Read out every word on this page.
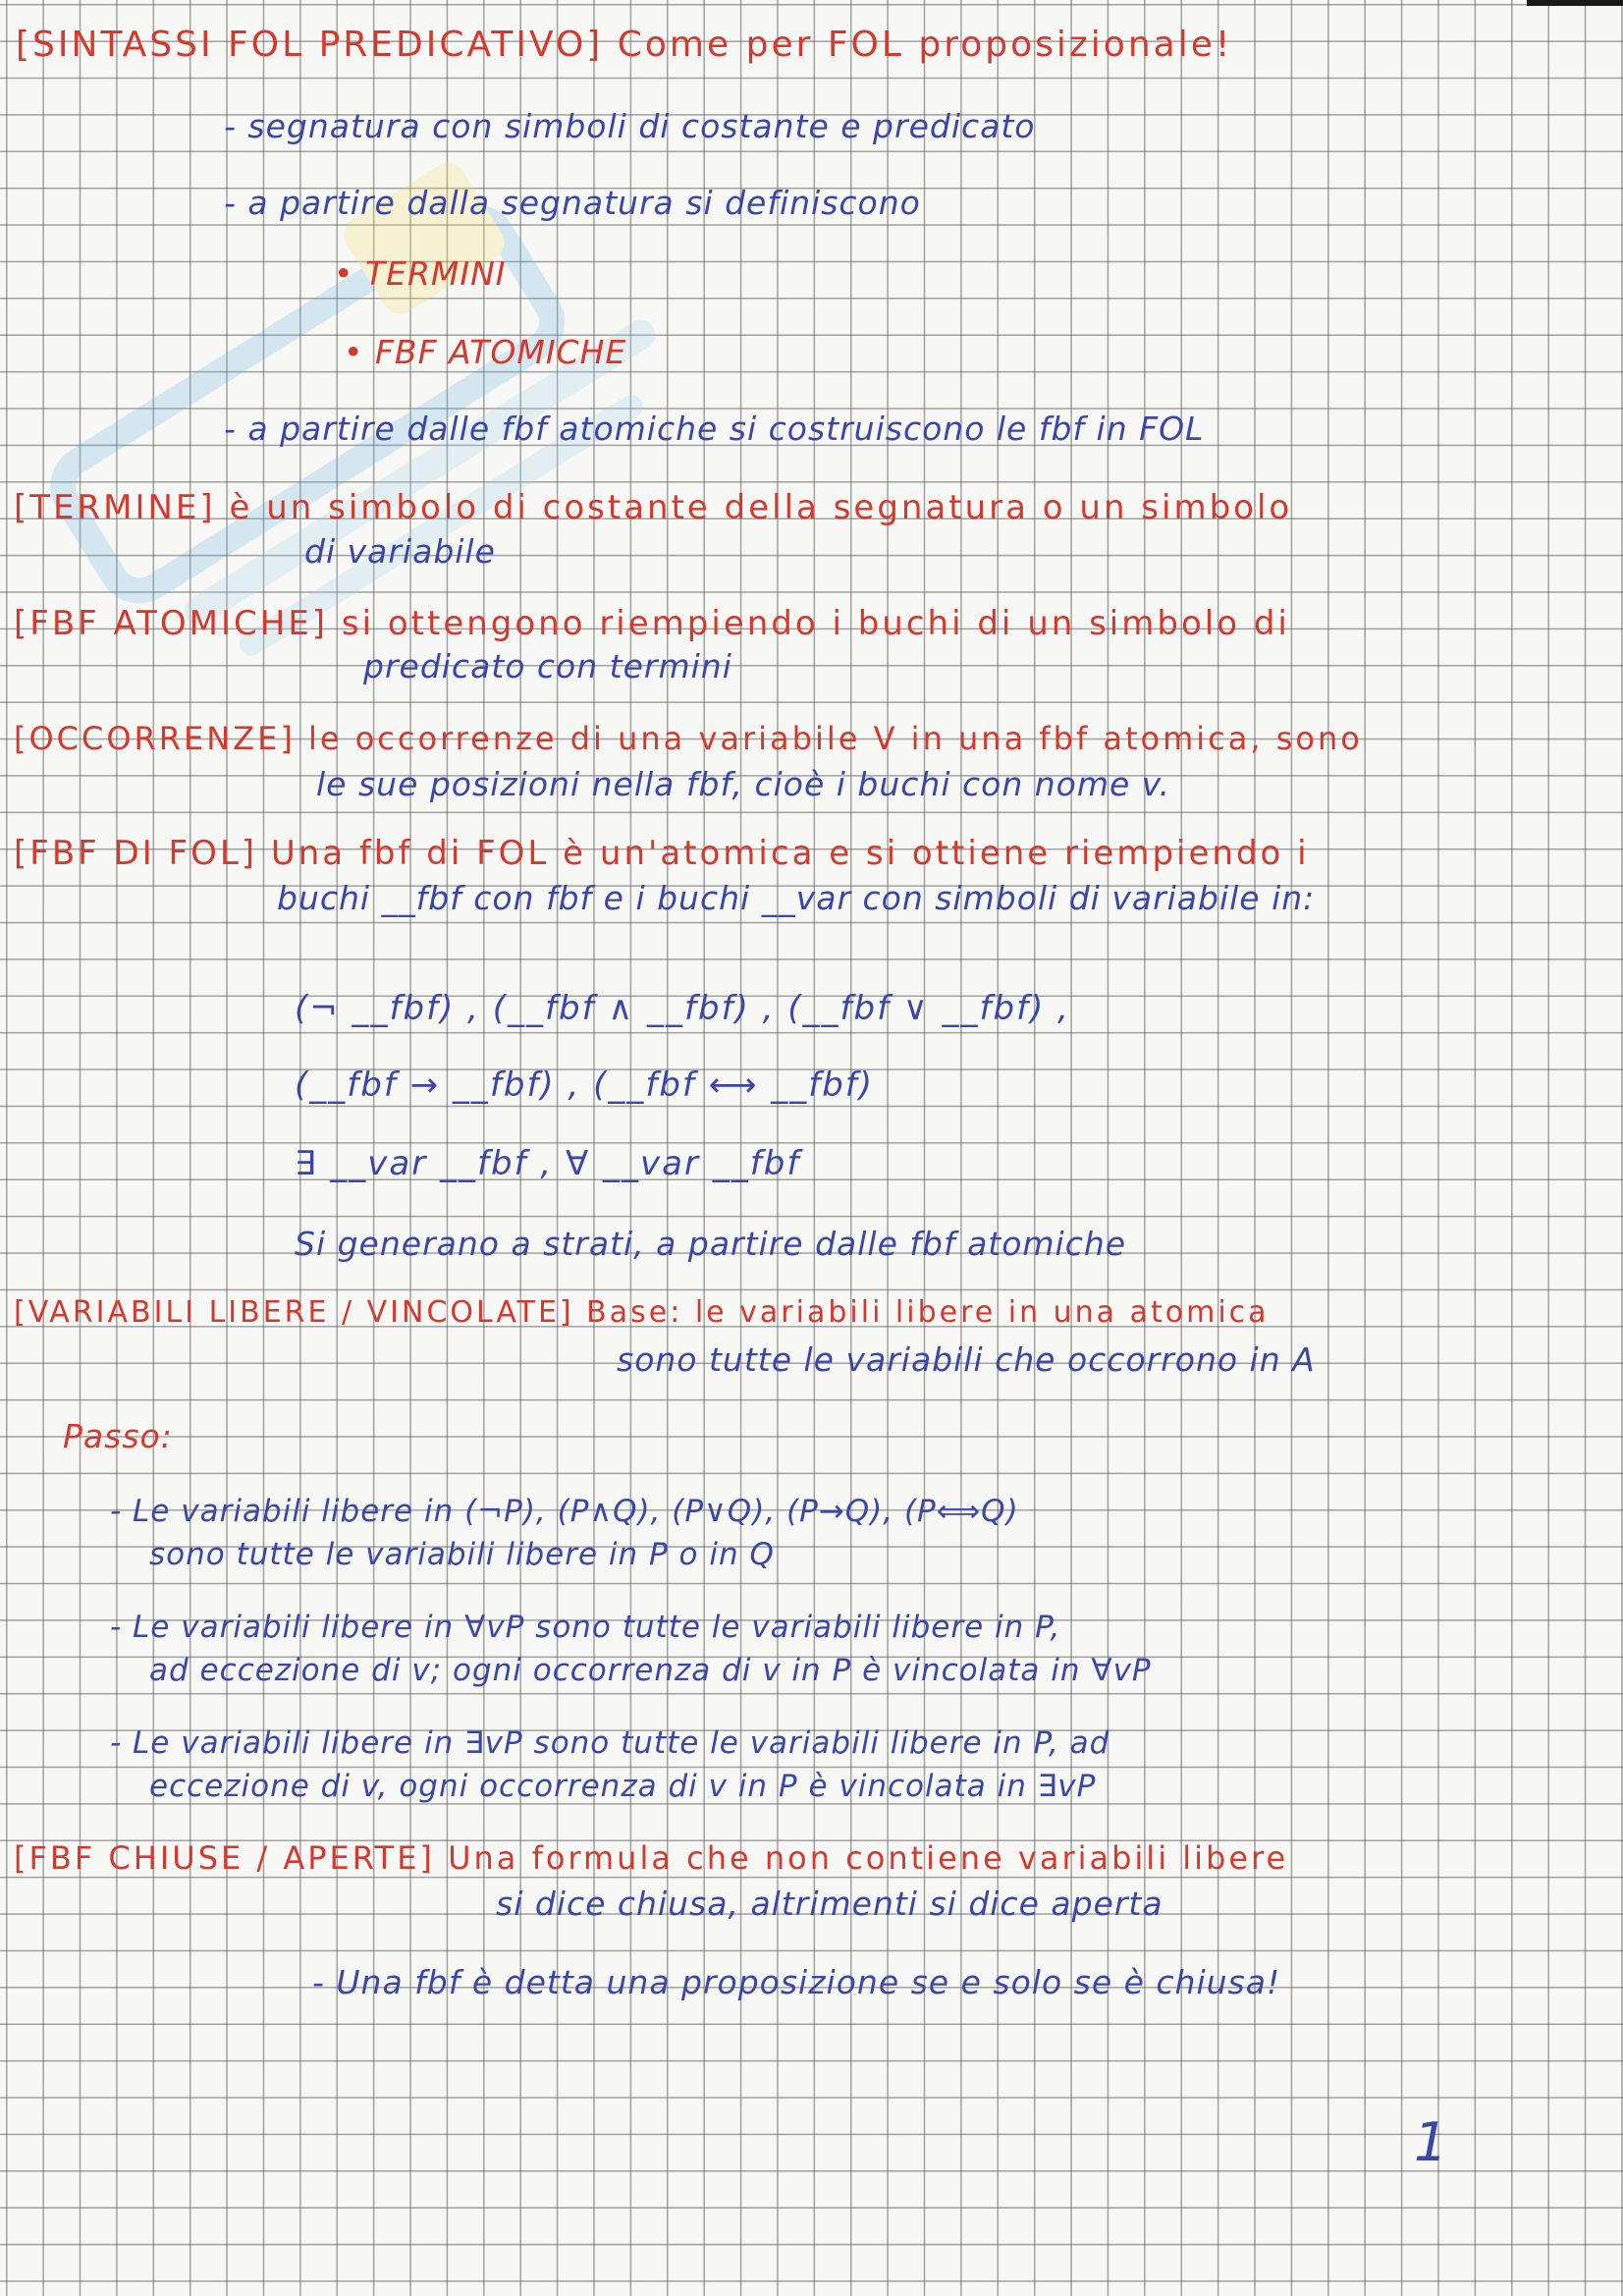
[SINTASSI FOL PREDICATIVO] Come per FOL proposizionale!
- segnatura con simboli di costante e predicato
- a partire dalla segnatura si definiscono
• TERMINI
• FBF ATOMICHE
- a partire dalle fbf atomiche si costruiscono le fbf in FOL
[TERMINE] è un simbolo di costante della segnatura o un simbolo
di variabile
[FBF ATOMICHE] si ottengono riempiendo i buchi di un simbolo di
predicato con termini
[OCCORRENZE] le occorrenze di una variabile V in una fbf atomica, sono
le sue posizioni nella fbf, cioè i buchi con nome v.
[FBF DI FOL] Una fbf di FOL è un'atomica e si ottiene riempiendo i
buchi __fbf con fbf e i buchi __var con simboli di variabile in:
(¬ __fbf) , (__fbf ∧ __fbf) , (__fbf ∨ __fbf) ,
(__fbf → __fbf) , (__fbf ⟷ __fbf)
∃ __var __fbf , ∀ __var __fbf
Si generano a strati, a partire dalle fbf atomiche
[VARIABILI LIBERE / VINCOLATE] Base: le variabili libere in una atomica
sono tutte le variabili che occorrono in A
Passo:
- Le variabili libere in (¬P), (P∧Q), (P∨Q), (P→Q), (P⟺Q)
sono tutte le variabili libere in P o in Q
- Le variabili libere in ∀vP sono tutte le variabili libere in P,
ad eccezione di v; ogni occorrenza di v in P è vincolata in ∀vP
- Le variabili libere in ∃vP sono tutte le variabili libere in P, ad
eccezione di v, ogni occorrenza di v in P è vincolata in ∃vP
[FBF CHIUSE / APERTE] Una formula che non contiene variabili libere
si dice chiusa, altrimenti si dice aperta
- Una fbf è detta una proposizione se e solo se è chiusa!
1
